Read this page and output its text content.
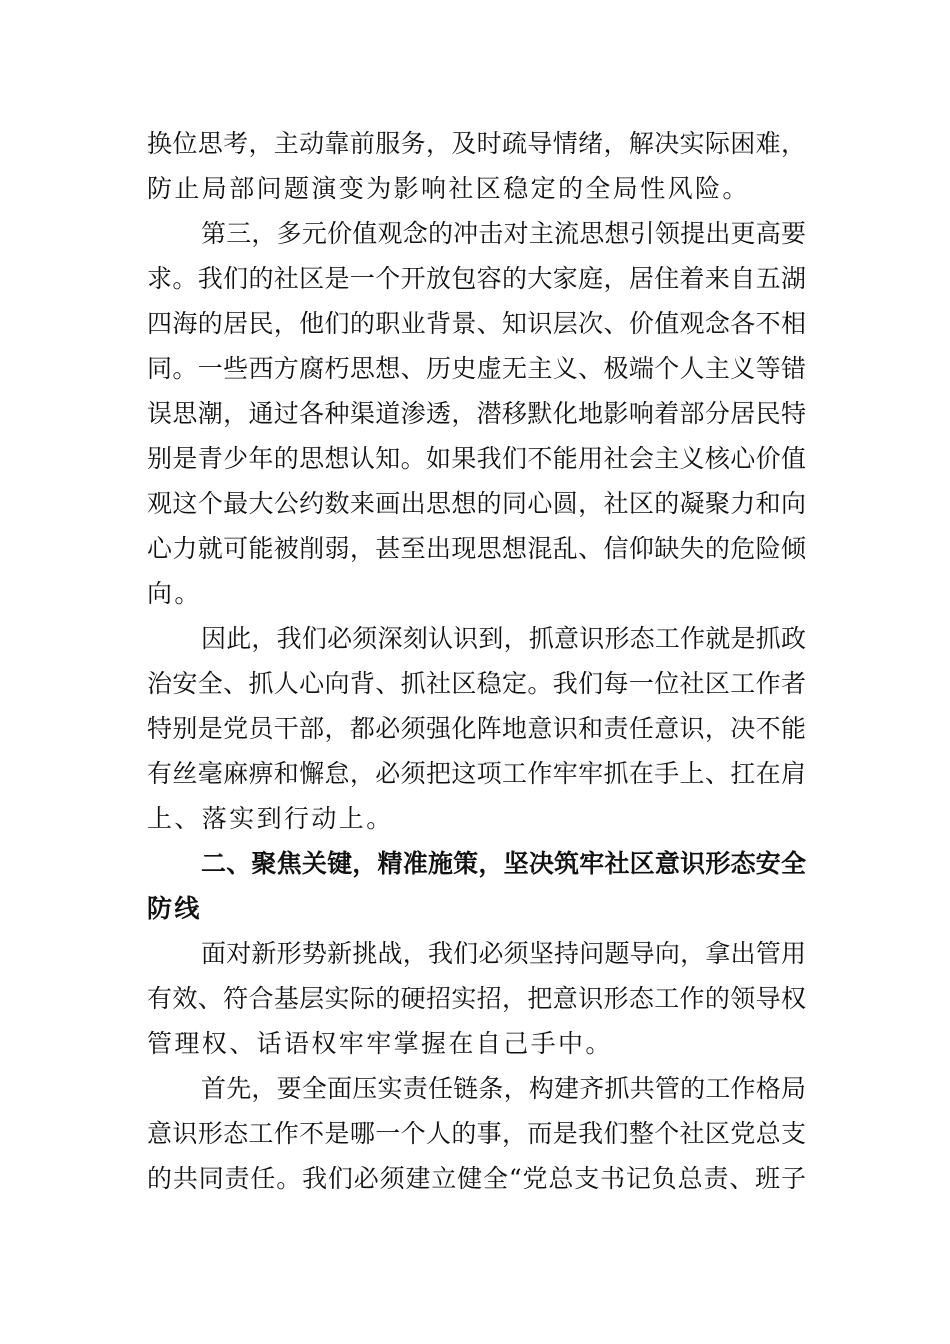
换位思考，主动靠前服务，及时疏导情绪，解决实际困难，
防止局部问题演变为影响社区稳定的全局性风险。
第三，多元价值观念的冲击对主流思想引领提出更高要
求。我们的社区是一个开放包容的大家庭，居住着来自五湖
四海的居民，他们的职业背景、知识层次、价值观念各不相
同。一些西方腐朽思想、历史虚无主义、极端个人主义等错
误思潮，通过各种渠道渗透，潜移默化地影响着部分居民特
别是青少年的思想认知。如果我们不能用社会主义核心价值
观这个最大公约数来画出思想的同心圆，社区的凝聚力和向
心力就可能被削弱，甚至出现思想混乱、信仰缺失的危险倾
向。
因此，我们必须深刻认识到，抓意识形态工作就是抓政
治安全、抓人心向背、抓社区稳定。我们每一位社区工作者
特别是党员干部，都必须强化阵地意识和责任意识，决不能
有丝毫麻痹和懈怠，必须把这项工作牢牢抓在手上、扛在肩
上、落实到行动上。
二、聚焦关键，精准施策，坚决筑牢社区意识形态安全
防线
面对新形势新挑战，我们必须坚持问题导向，拿出管用
有效、符合基层实际的硬招实招，把意识形态工作的领导权
管理权、话语权牢牢掌握在自己手中。
首先，要全面压实责任链条，构建齐抓共管的工作格局
意识形态工作不是哪一个人的事，而是我们整个社区党总支
的共同责任。我们必须建立健全“党总支书记负总责、班子
